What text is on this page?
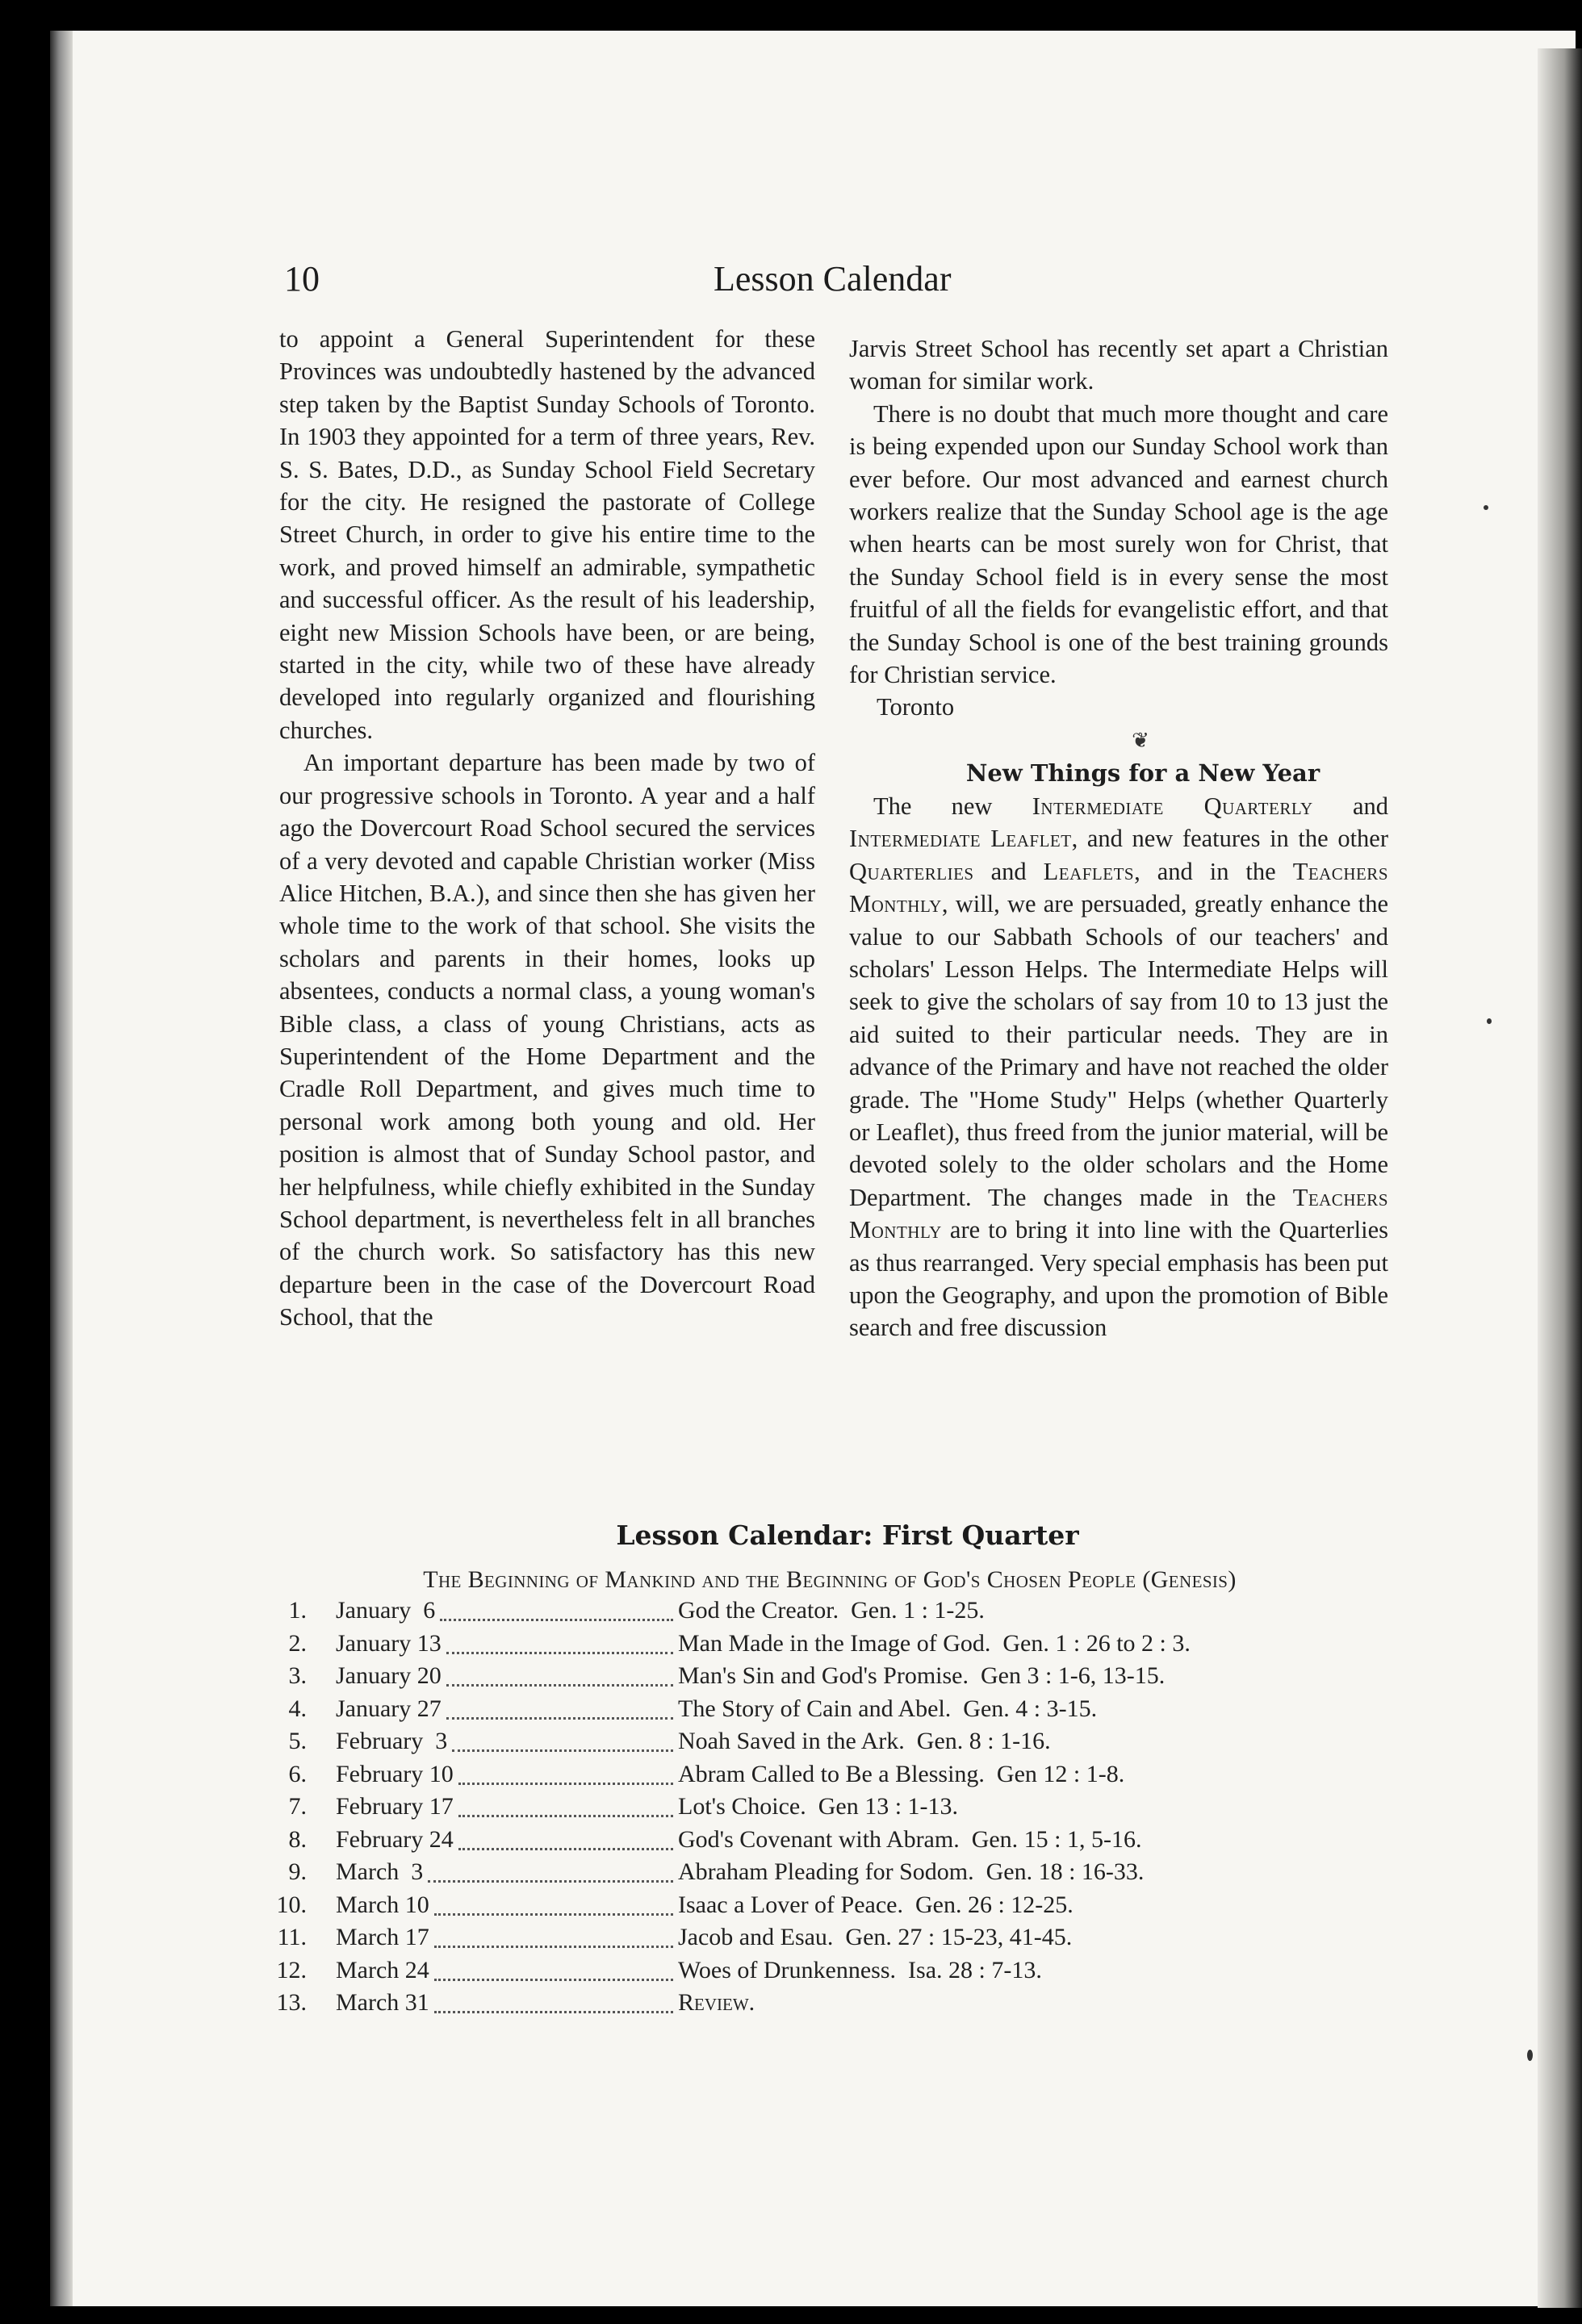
10	Lesson Calendar

to appoint a General Superintendent for these Provinces was undoubtedly hastened by the advanced step taken by the Baptist Sunday Schools of Toronto. In 1903 they appointed for a term of three years, Rev. S. S. Bates, D.D., as Sunday School Field Secretary for the city. He resigned the pastorate of College Street Church, in order to give his entire time to the work, and proved himself an admirable, sympathetic and successful officer. As the result of his leadership, eight new Mission Schools have been, or are being, started in the city, while two of these have already developed into regularly organized and flourishing churches.

An important departure has been made by two of our progressive schools in Toronto. A year and a half ago the Dovercourt Road School secured the services of a very devoted and capable Christian worker (Miss Alice Hitchen, B.A.), and since then she has given her whole time to the work of that school. She visits the scholars and parents in their homes, looks up absentees, conducts a normal class, a young woman's Bible class, a class of young Christians, acts as Superintendent of the Home Department and the Cradle Roll Department, and gives much time to personal work among both young and old. Her position is almost that of Sunday School pastor, and her helpfulness, while chiefly exhibited in the Sunday School department, is nevertheless felt in all branches of the church work. So satisfactory has this new departure been in the case of the Dovercourt Road School, that the

Jarvis Street School has recently set apart a Christian woman for similar work.

There is no doubt that much more thought and care is being expended upon our Sunday School work than ever before. Our most advanced and earnest church workers realize that the Sunday School age is the age when hearts can be most surely won for Christ, that the Sunday School field is in every sense the most fruitful of all the fields for evangelistic effort, and that the Sunday School is one of the best training grounds for Christian service.

Toronto

❦
New Things for a New Year

The new Intermediate Quarterly and Intermediate Leaflet, and new features in the other Quarterlies and Leaflets, and in the Teachers Monthly, will, we are persuaded, greatly enhance the value to our Sabbath Schools of our teachers' and scholars' Lesson Helps. The Intermediate Helps will seek to give the scholars of say from 10 to 13 just the aid suited to their particular needs. They are in advance of the Primary and have not reached the older grade. The "Home Study" Helps (whether Quarterly or Leaflet), thus freed from the junior material, will be devoted solely to the older scholars and the Home Department. The changes made in the Teachers Monthly are to bring it into line with the Quarterlies as thus rearranged. Very special emphasis has been put upon the Geography, and upon the promotion of Bible search and free discussion

Lesson Calendar: First Quarter
The Beginning of Mankind and the Beginning of God's Chosen People (Genesis)
1. January  6	God the Creator.  Gen. 1 : 1-25.
2. January 13	Man Made in the Image of God.  Gen. 1 : 26 to 2 : 3.
3. January 20	Man's Sin and God's Promise.  Gen 3 : 1-6, 13-15.
4. January 27	The Story of Cain and Abel.  Gen. 4 : 3-15.
5. February  3	Noah Saved in the Ark.  Gen. 8 : 1-16.
6. February 10	Abram Called to Be a Blessing.  Gen 12 : 1-8.
7. February 17	Lot's Choice.  Gen 13 : 1-13.
8. February 24	God's Covenant with Abram.  Gen. 15 : 1, 5-16.
9. March  3	Abraham Pleading for Sodom.  Gen. 18 : 16-33.
10. March 10	Isaac a Lover of Peace.  Gen. 26 : 12-25.
11. March 17	Jacob and Esau.  Gen. 27 : 15-23, 41-45.
12. March 24	Woes of Drunkenness.  Isa. 28 : 7-13.
13. March 31	Review.
